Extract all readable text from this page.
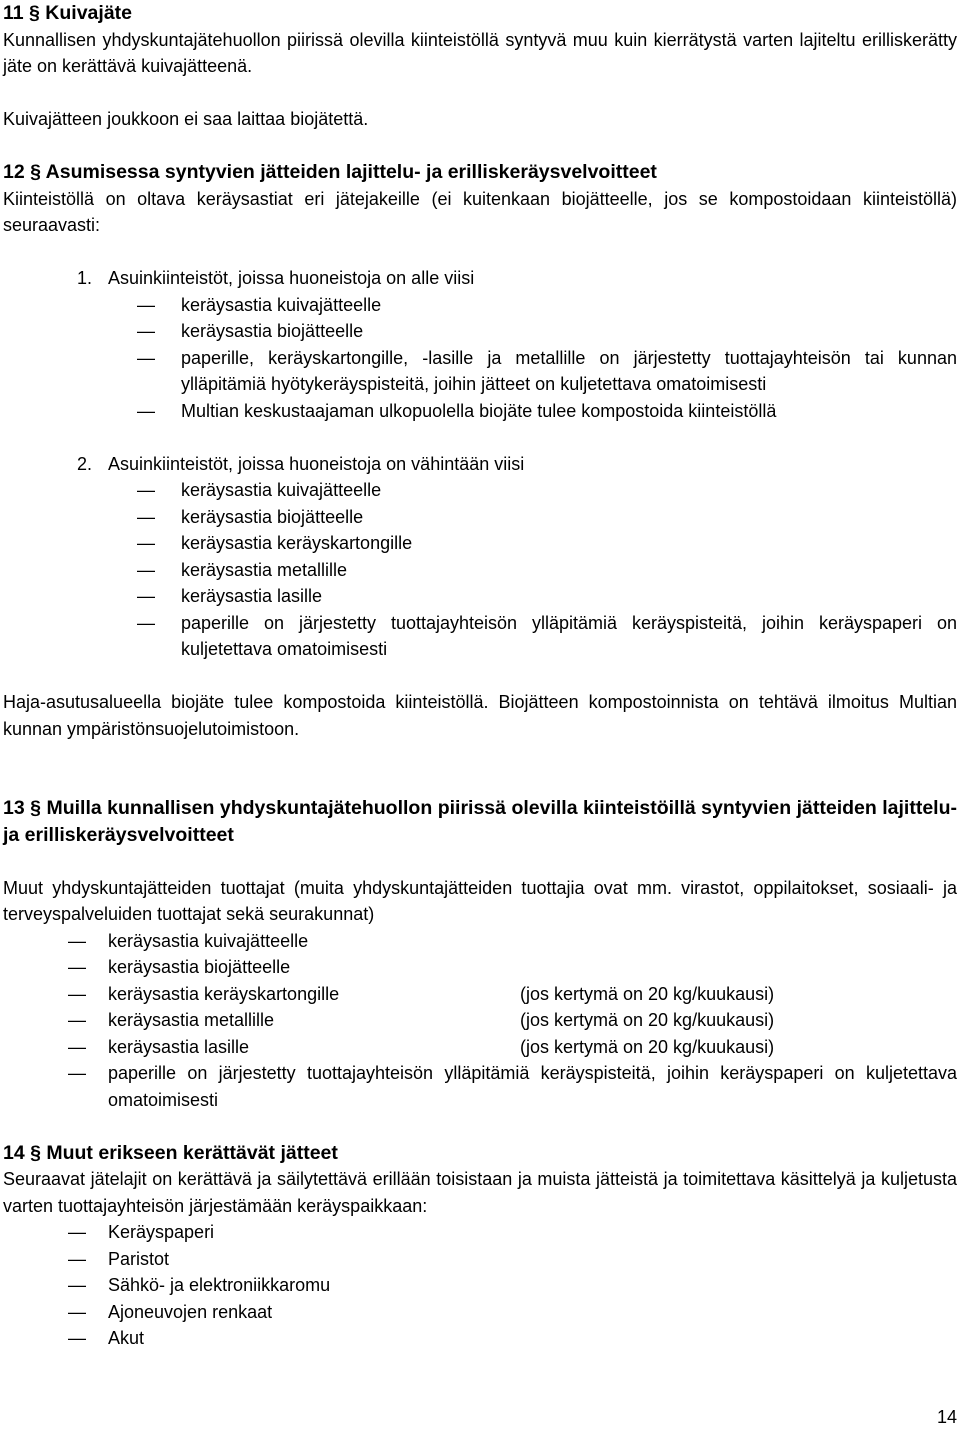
11 § Kuivajäte

Kunnallisen yhdyskuntajätehuollon piirissä olevilla kiinteistöllä syntyvä muu kuin kierrätystä varten lajiteltu erilliskerätty jäte on kerättävä kuivajätteenä.

Kuivajätteen joukkoon ei saa laittaa biojätettä.

12 § Asumisessa syntyvien jätteiden lajittelu- ja erilliskeräysvelvoitteet

Kiinteistöllä on oltava keräysastiat eri jätejakeille (ei kuitenkaan biojätteelle, jos se kompostoidaan kiinteistöllä) seuraavasti:

1. Asuinkiinteistöt, joissa huoneistoja on alle viisi
—
keräysastia kuivajätteelle
—
keräysastia biojätteelle
—
paperille, keräyskartongille, -lasille ja metallille on järjestetty tuottajayhteisön tai kunnan ylläpitämiä hyötykeräyspisteitä, joihin jätteet on kuljetettava omatoimisesti
—
Multian keskustaajaman ulkopuolella biojäte tulee kompostoida kiinteistöllä
2. Asuinkiinteistöt, joissa huoneistoja on vähintään viisi
—
keräysastia kuivajätteelle
—
keräysastia biojätteelle
—
keräysastia keräyskartongille
—
keräysastia metallille
—
keräysastia lasille
—
paperille on järjestetty tuottajayhteisön ylläpitämiä keräyspisteitä, joihin keräyspaperi on kuljetettava omatoimisesti

Haja-asutusalueella biojäte tulee kompostoida kiinteistöllä. Biojätteen kompostoinnista on tehtävä ilmoitus Multian kunnan ympäristönsuojelutoimistoon.

13 § Muilla kunnallisen yhdyskuntajätehuollon piirissä olevilla kiinteistöillä syntyvien jätteiden lajittelu- ja erilliskeräysvelvoitteet

Muut yhdyskuntajätteiden tuottajat (muita yhdyskuntajätteiden tuottajia ovat mm. virastot, oppilaitokset, sosiaali- ja terveyspalveluiden tuottajat sekä seurakunnat)

—
keräysastia kuivajätteelle
—
keräysastia biojätteelle
—
keräysastia keräyskartongille	(jos kertymä on 20 kg/kuukausi)
—
keräysastia metallille	(jos kertymä on 20 kg/kuukausi)
—
keräysastia lasille	(jos kertymä on 20 kg/kuukausi)
—
paperille on järjestetty tuottajayhteisön ylläpitämiä keräyspisteitä, joihin keräyspaperi on kuljetettava omatoimisesti
14 § Muut erikseen kerättävät jätteet

Seuraavat jätelajit on kerättävä ja säilytettävä erillään toisistaan ja muista jätteistä ja toimitettava käsittelyä ja kuljetusta varten tuottajayhteisön järjestämään keräyspaikkaan:

—
Keräyspaperi
—
Paristot
—
Sähkö- ja elektroniikkaromu
—
Ajoneuvojen renkaat
—
Akut
14
